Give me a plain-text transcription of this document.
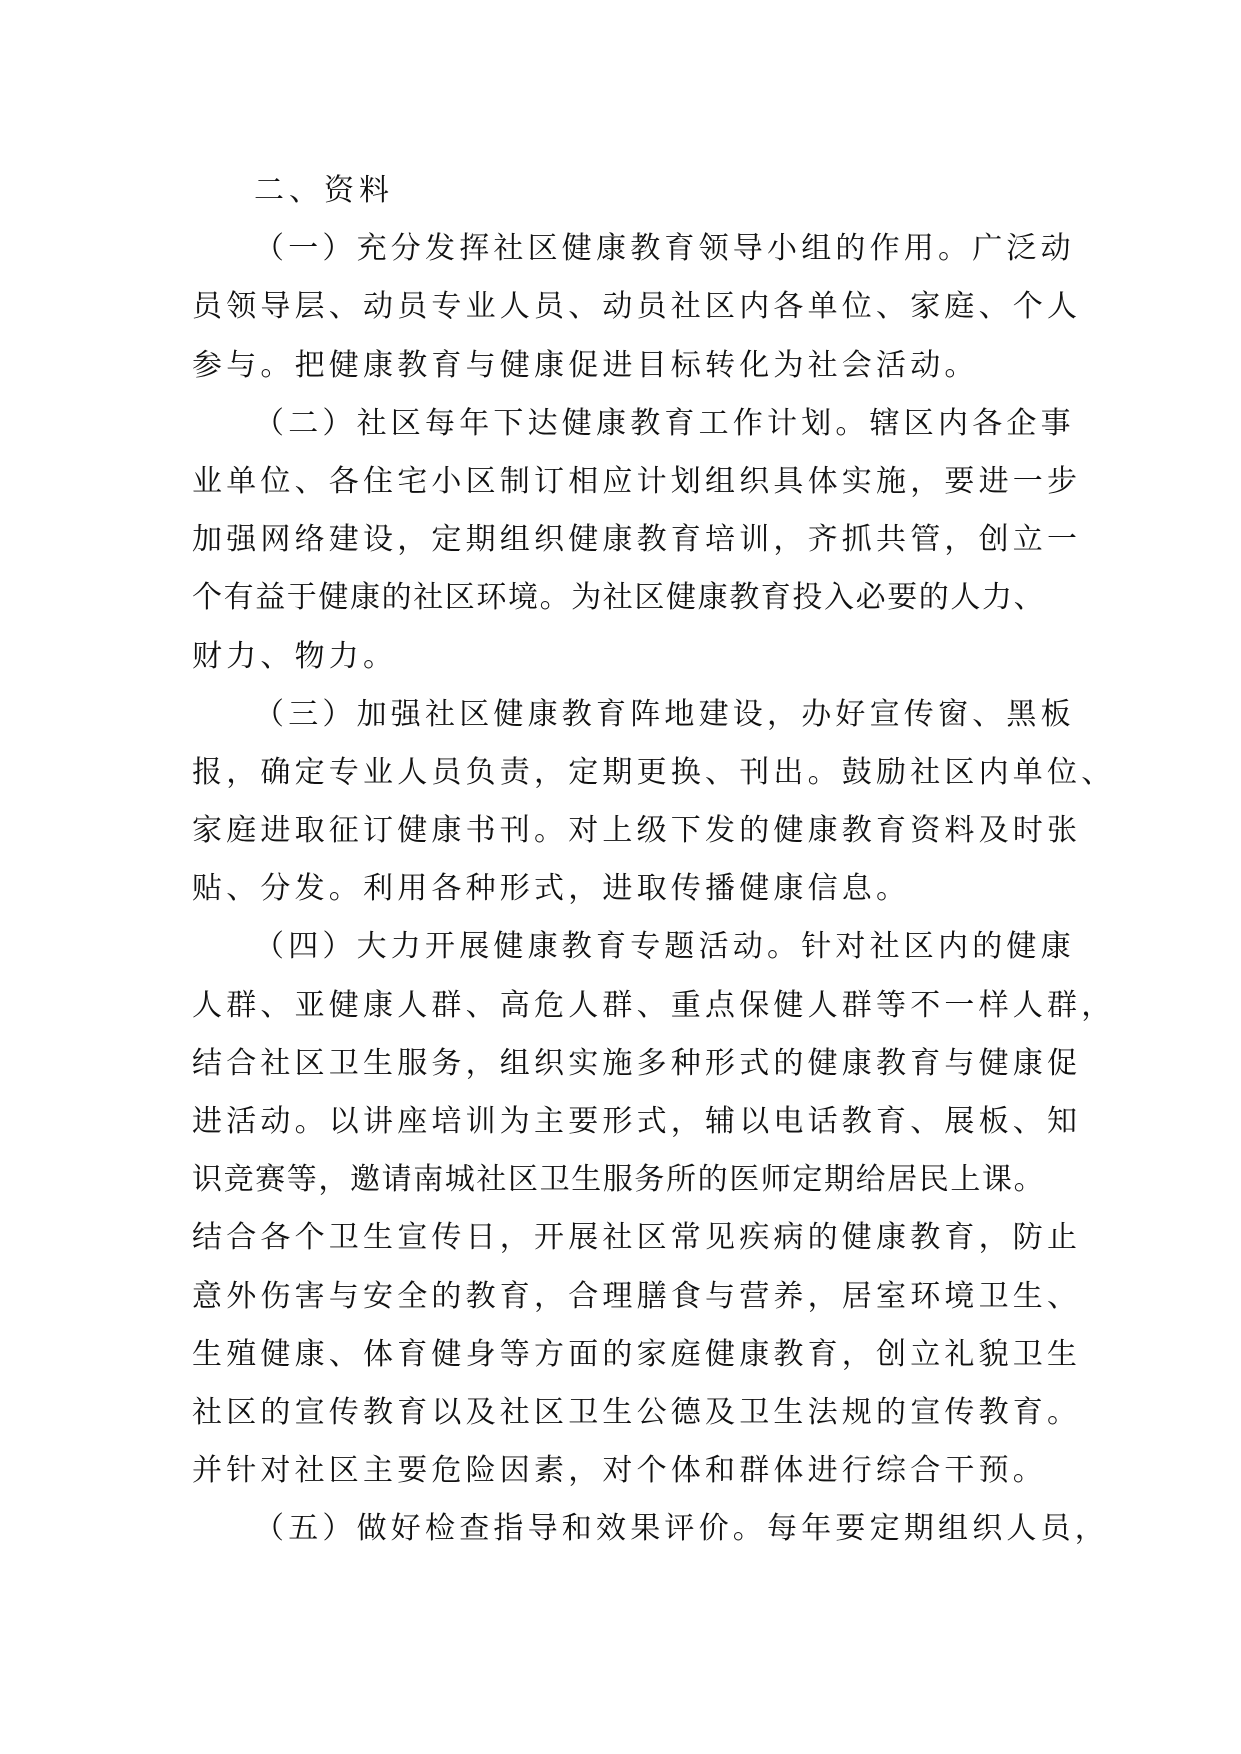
二、资料
（一）充分发挥社区健康教育领导小组的作用。广泛动
员领导层、动员专业人员、动员社区内各单位、家庭、个人
参与。把健康教育与健康促进目标转化为社会活动。
（二）社区每年下达健康教育工作计划。辖区内各企事
业单位、各住宅小区制订相应计划组织具体实施，要进一步
加强网络建设，定期组织健康教育培训，齐抓共管，创立一
个有益于健康的社区环境。为社区健康教育投入必要的人力、
财力、物力。
（三）加强社区健康教育阵地建设，办好宣传窗、黑板
报，确定专业人员负责，定期更换、刊出。鼓励社区内单位、
家庭进取征订健康书刊。对上级下发的健康教育资料及时张
贴、分发。利用各种形式，进取传播健康信息。
（四）大力开展健康教育专题活动。针对社区内的健康
人群、亚健康人群、高危人群、重点保健人群等不一样人群，
结合社区卫生服务，组织实施多种形式的健康教育与健康促
进活动。以讲座培训为主要形式，辅以电话教育、展板、知
识竞赛等，邀请南城社区卫生服务所的医师定期给居民上课。
结合各个卫生宣传日，开展社区常见疾病的健康教育，防止
意外伤害与安全的教育，合理膳食与营养，居室环境卫生、
生殖健康、体育健身等方面的家庭健康教育，创立礼貌卫生
社区的宣传教育以及社区卫生公德及卫生法规的宣传教育。
并针对社区主要危险因素，对个体和群体进行综合干预。
（五）做好检查指导和效果评价。每年要定期组织人员，
